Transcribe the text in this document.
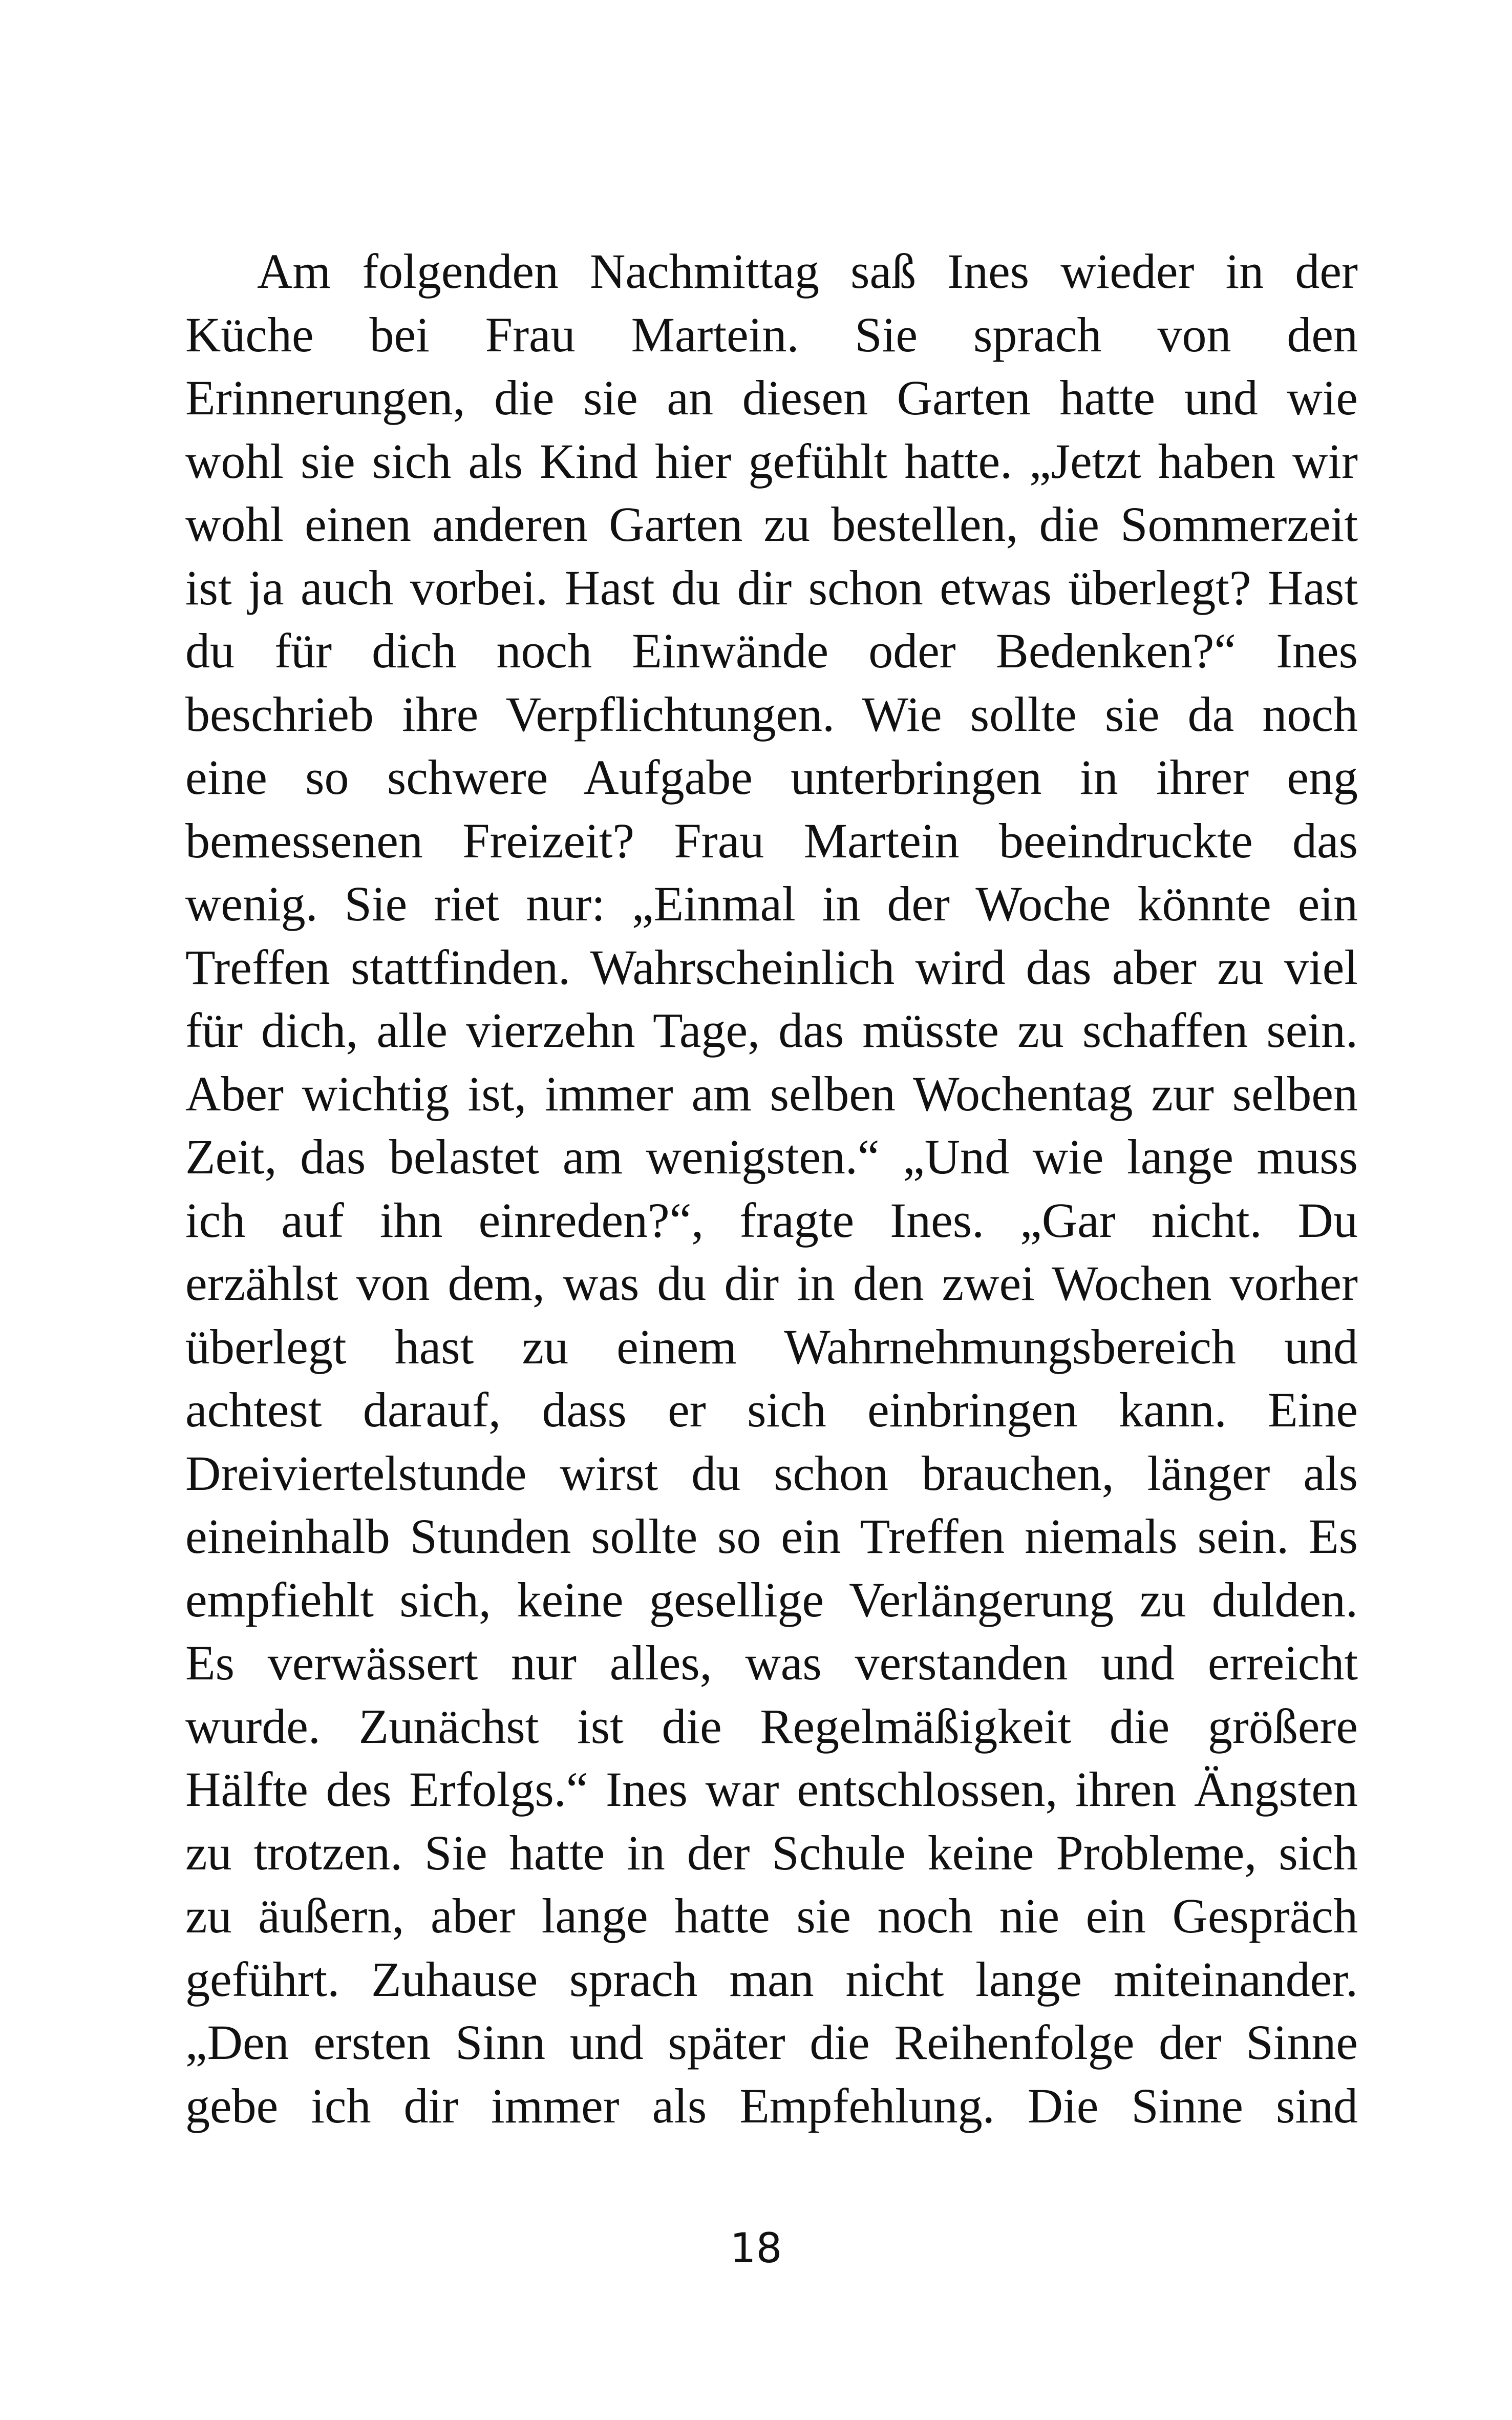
Am folgenden Nachmittag saß Ines wieder in der
Küche bei Frau Martein. Sie sprach von den
Erinnerungen, die sie an diesen Garten hatte und wie
wohl sie sich als Kind hier gefühlt hatte. „Jetzt haben wir
wohl einen anderen Garten zu bestellen, die Sommerzeit
ist ja auch vorbei. Hast du dir schon etwas überlegt? Hast
du für dich noch Einwände oder Bedenken?“ Ines
beschrieb ihre Verpflichtungen. Wie sollte sie da noch
eine so schwere Aufgabe unterbringen in ihrer eng
bemessenen Freizeit? Frau Martein beeindruckte das
wenig. Sie riet nur: „Einmal in der Woche könnte ein
Treffen stattfinden. Wahrscheinlich wird das aber zu viel
für dich, alle vierzehn Tage, das müsste zu schaffen sein.
Aber wichtig ist, immer am selben Wochentag zur selben
Zeit, das belastet am wenigsten.“ „Und wie lange muss
ich auf ihn einreden?“, fragte Ines. „Gar nicht. Du
erzählst von dem, was du dir in den zwei Wochen vorher
überlegt hast zu einem Wahrnehmungsbereich und
achtest darauf, dass er sich einbringen kann. Eine
Dreiviertelstunde wirst du schon brauchen, länger als
eineinhalb Stunden sollte so ein Treffen niemals sein. Es
empfiehlt sich, keine gesellige Verlängerung zu dulden.
Es verwässert nur alles, was verstanden und erreicht
wurde. Zunächst ist die Regelmäßigkeit die größere
Hälfte des Erfolgs.“ Ines war entschlossen, ihren Ängsten
zu trotzen. Sie hatte in der Schule keine Probleme, sich
zu äußern, aber lange hatte sie noch nie ein Gespräch
geführt. Zuhause sprach man nicht lange miteinander.
„Den ersten Sinn und später die Reihenfolge der Sinne
gebe ich dir immer als Empfehlung. Die Sinne sind
18
